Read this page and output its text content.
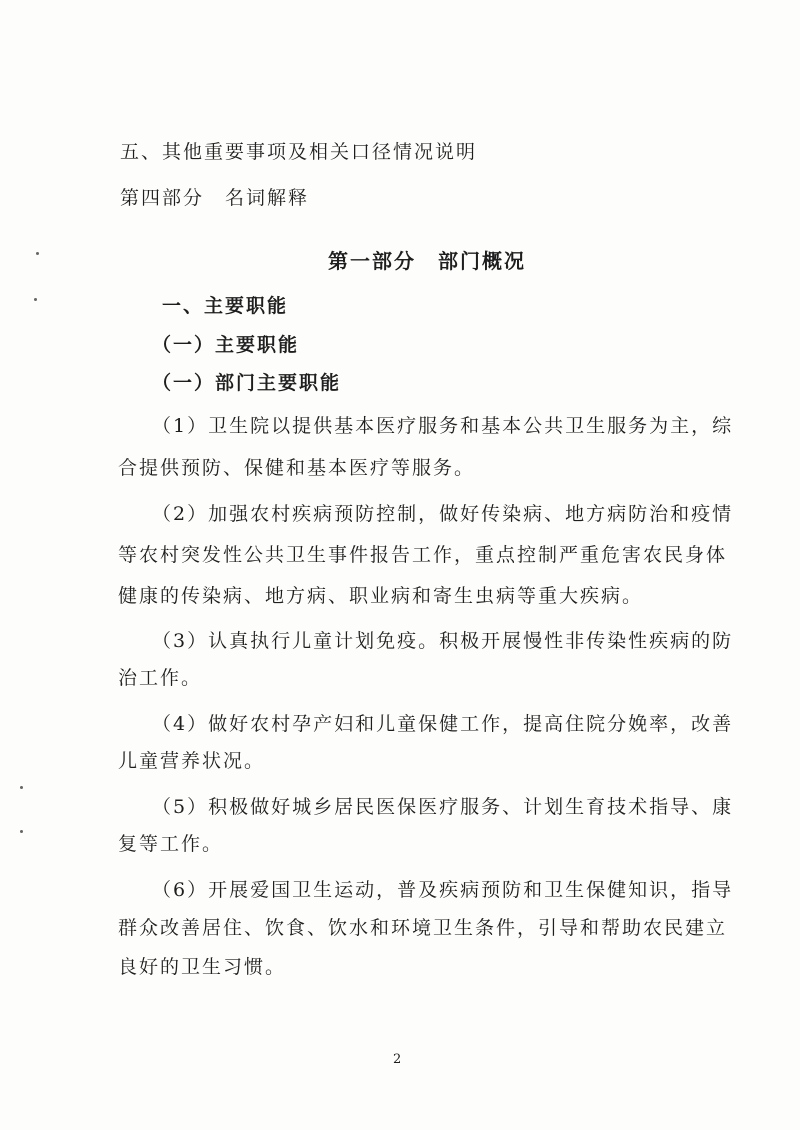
五、其他重要事项及相关口径情况说明

第四部分　名词解释

第一部分　部门概况

一、主要职能

（一）主要职能

（一）部门主要职能

（1）卫生院以提供基本医疗服务和基本公共卫生服务为主，综

合提供预防、保健和基本医疗等服务。

（2）加强农村疾病预防控制，做好传染病、地方病防治和疫情

等农村突发性公共卫生事件报告工作，重点控制严重危害农民身体

健康的传染病、地方病、职业病和寄生虫病等重大疾病。

（3）认真执行儿童计划免疫。积极开展慢性非传染性疾病的防

治工作。

（4）做好农村孕产妇和儿童保健工作，提高住院分娩率，改善

儿童营养状况。

（5）积极做好城乡居民医保医疗服务、计划生育技术指导、康

复等工作。

（6）开展爱国卫生运动，普及疾病预防和卫生保健知识，指导

群众改善居住、饮食、饮水和环境卫生条件，引导和帮助农民建立

良好的卫生习惯。

2
